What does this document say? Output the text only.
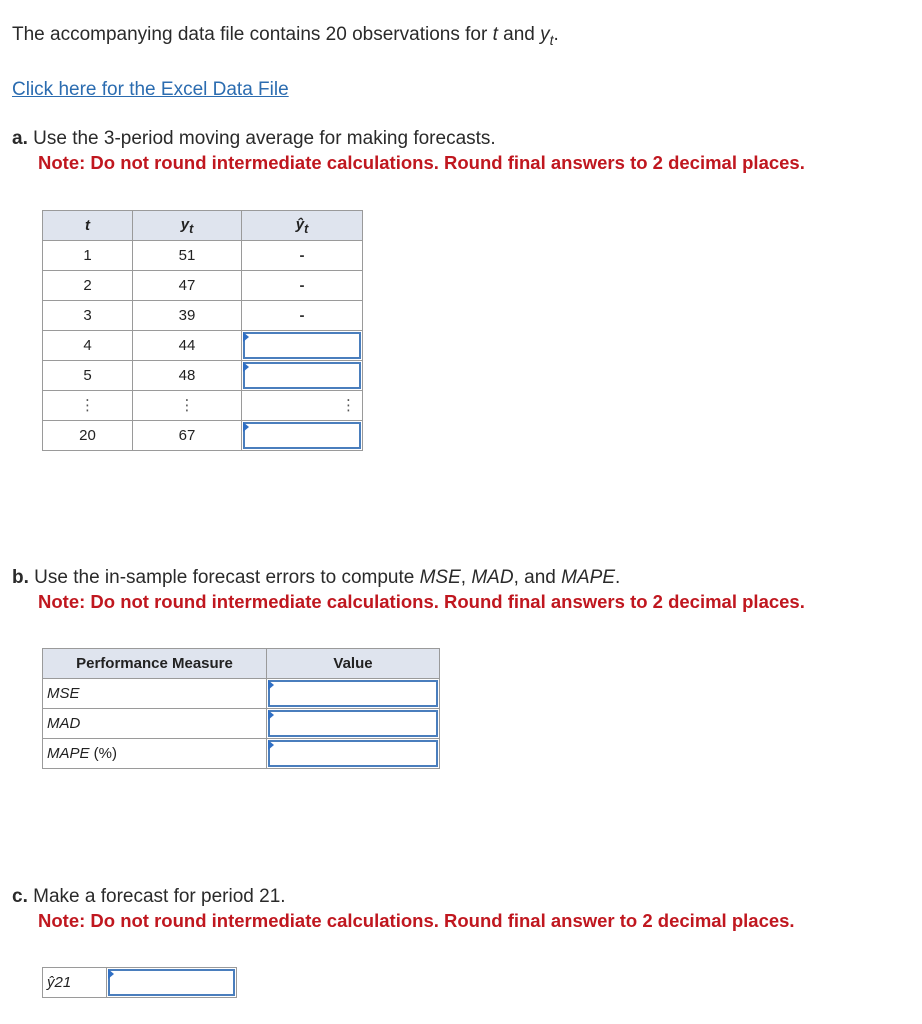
The accompanying data file contains 20 observations for t and $y_t$.
Click here for the Excel Data File
a. Use the 3-period moving average for making forecasts.
Note: Do not round intermediate calculations. Round final answers to 2 decimal places.
t	$y_t$	$ŷ_t$
1	51	-
2	47	-
3	39	-
4	44	

5	48	

⋮	⋮	⋮
20	67	
b. Use the in-sample forecast errors to compute MSE, MAD, and MAPE.
Note: Do not round intermediate calculations. Round final answers to 2 decimal places.
Performance Measure	Value
MSE	

MAD	

MAPE (%)	
c. Make a forecast for period 21.
Note: Do not round intermediate calculations. Round final answer to 2 decimal places.
ŷ21	
